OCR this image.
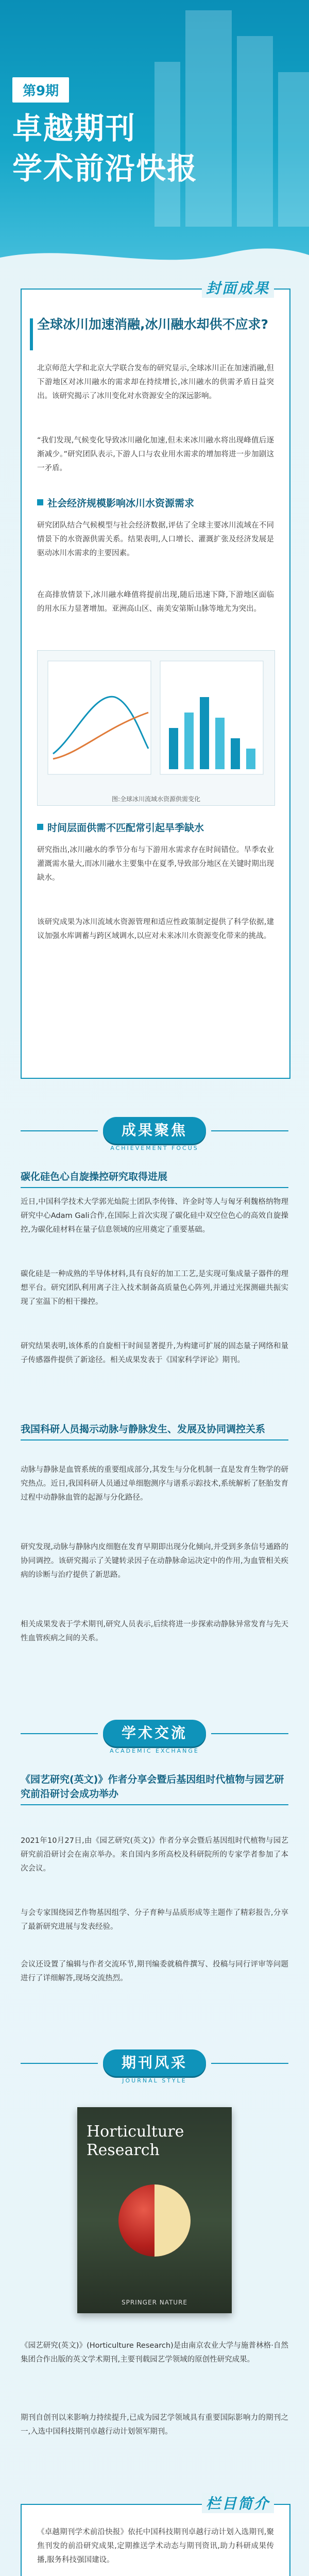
第9期
卓越期刊
学术前沿快报
封面成果
全球冰川加速消融,冰川融水却供不应求?
北京师范大学和北京大学联合发布的研究显示,全球冰川正在加速消融,但下游地区对冰川融水的需求却在持续增长,冰川融水的供需矛盾日益突出。该研究揭示了冰川变化对水资源安全的深远影响。
“我们发现,气候变化导致冰川融化加速,但未来冰川融水将出现峰值后逐渐减少。”研究团队表示,下游人口与农业用水需求的增加将进一步加剧这一矛盾。
社会经济规模影响冰川水资源需求
研究团队结合气候模型与社会经济数据,评估了全球主要冰川流域在不同情景下的水资源供需关系。结果表明,人口增长、灌溉扩张及经济发展是驱动冰川水需求的主要因素。
在高排放情景下,冰川融水峰值将提前出现,随后迅速下降,下游地区面临的用水压力显著增加。亚洲高山区、南美安第斯山脉等地尤为突出。
图:全球冰川流域水资源供需变化
时间层面供需不匹配常引起旱季缺水
研究指出,冰川融水的季节分布与下游用水需求存在时间错位。旱季农业灌溉需水量大,而冰川融水主要集中在夏季,导致部分地区在关键时期出现缺水。
该研究成果为冰川流域水资源管理和适应性政策制定提供了科学依据,建议加强水库调蓄与跨区域调水,以应对未来冰川水资源变化带来的挑战。
成果聚焦
ACHIEVEMENT FOCUS
碳化硅色心自旋操控研究取得进展
近日,中国科学技术大学郭光灿院士团队李传锋、许金时等人与匈牙利魏格纳物理研究中心Adam Gali合作,在国际上首次实现了碳化硅中双空位色心的高效自旋操控,为碳化硅材料在量子信息领域的应用奠定了重要基础。
碳化硅是一种成熟的半导体材料,具有良好的加工工艺,是实现可集成量子器件的理想平台。研究团队利用离子注入技术制备高质量色心阵列,并通过光探测磁共振实现了室温下的相干操控。
研究结果表明,该体系的自旋相干时间显著提升,为构建可扩展的固态量子网络和量子传感器件提供了新途径。相关成果发表于《国家科学评论》期刊。
我国科研人员揭示动脉与静脉发生、发展及协同调控关系
动脉与静脉是血管系统的重要组成部分,其发生与分化机制一直是发育生物学的研究热点。近日,我国科研人员通过单细胞测序与谱系示踪技术,系统解析了胚胎发育过程中动静脉血管的起源与分化路径。
研究发现,动脉与静脉内皮细胞在发育早期即出现分化倾向,并受到多条信号通路的协同调控。该研究揭示了关键转录因子在动静脉命运决定中的作用,为血管相关疾病的诊断与治疗提供了新思路。
相关成果发表于学术期刊,研究人员表示,后续将进一步探索动静脉异常发育与先天性血管疾病之间的关系。
学术交流
ACADEMIC EXCHANGE
《园艺研究(英文)》作者分享会暨后基因组时代植物与园艺研究前沿研讨会成功举办
2021年10月27日,由《园艺研究(英文)》作者分享会暨后基因组时代植物与园艺研究前沿研讨会在南京举办。来自国内多所高校及科研院所的专家学者参加了本次会议。
与会专家围绕园艺作物基因组学、分子育种与品质形成等主题作了精彩报告,分享了最新研究进展与发表经验。
会议还设置了编辑与作者交流环节,期刊编委就稿件撰写、投稿与同行评审等问题进行了详细解答,现场交流热烈。
期刊风采
JOURNAL STYLE
Horticulture Research
SPRINGER NATURE
《园艺研究(英文)》(Horticulture Research)是由南京农业大学与施普林格·自然集团合作出版的英文学术期刊,主要刊载园艺学领域的原创性研究成果。
期刊自创刊以来影响力持续提升,已成为园艺学领域具有重要国际影响力的期刊之一,入选中国科技期刊卓越行动计划领军期刊。
栏目简介
《卓越期刊学术前沿快报》依托中国科技期刊卓越行动计划入选期刊,聚焦刊发的前沿研究成果,定期推送学术动态与期刊资讯,助力科研成果传播,服务科技强国建设。
